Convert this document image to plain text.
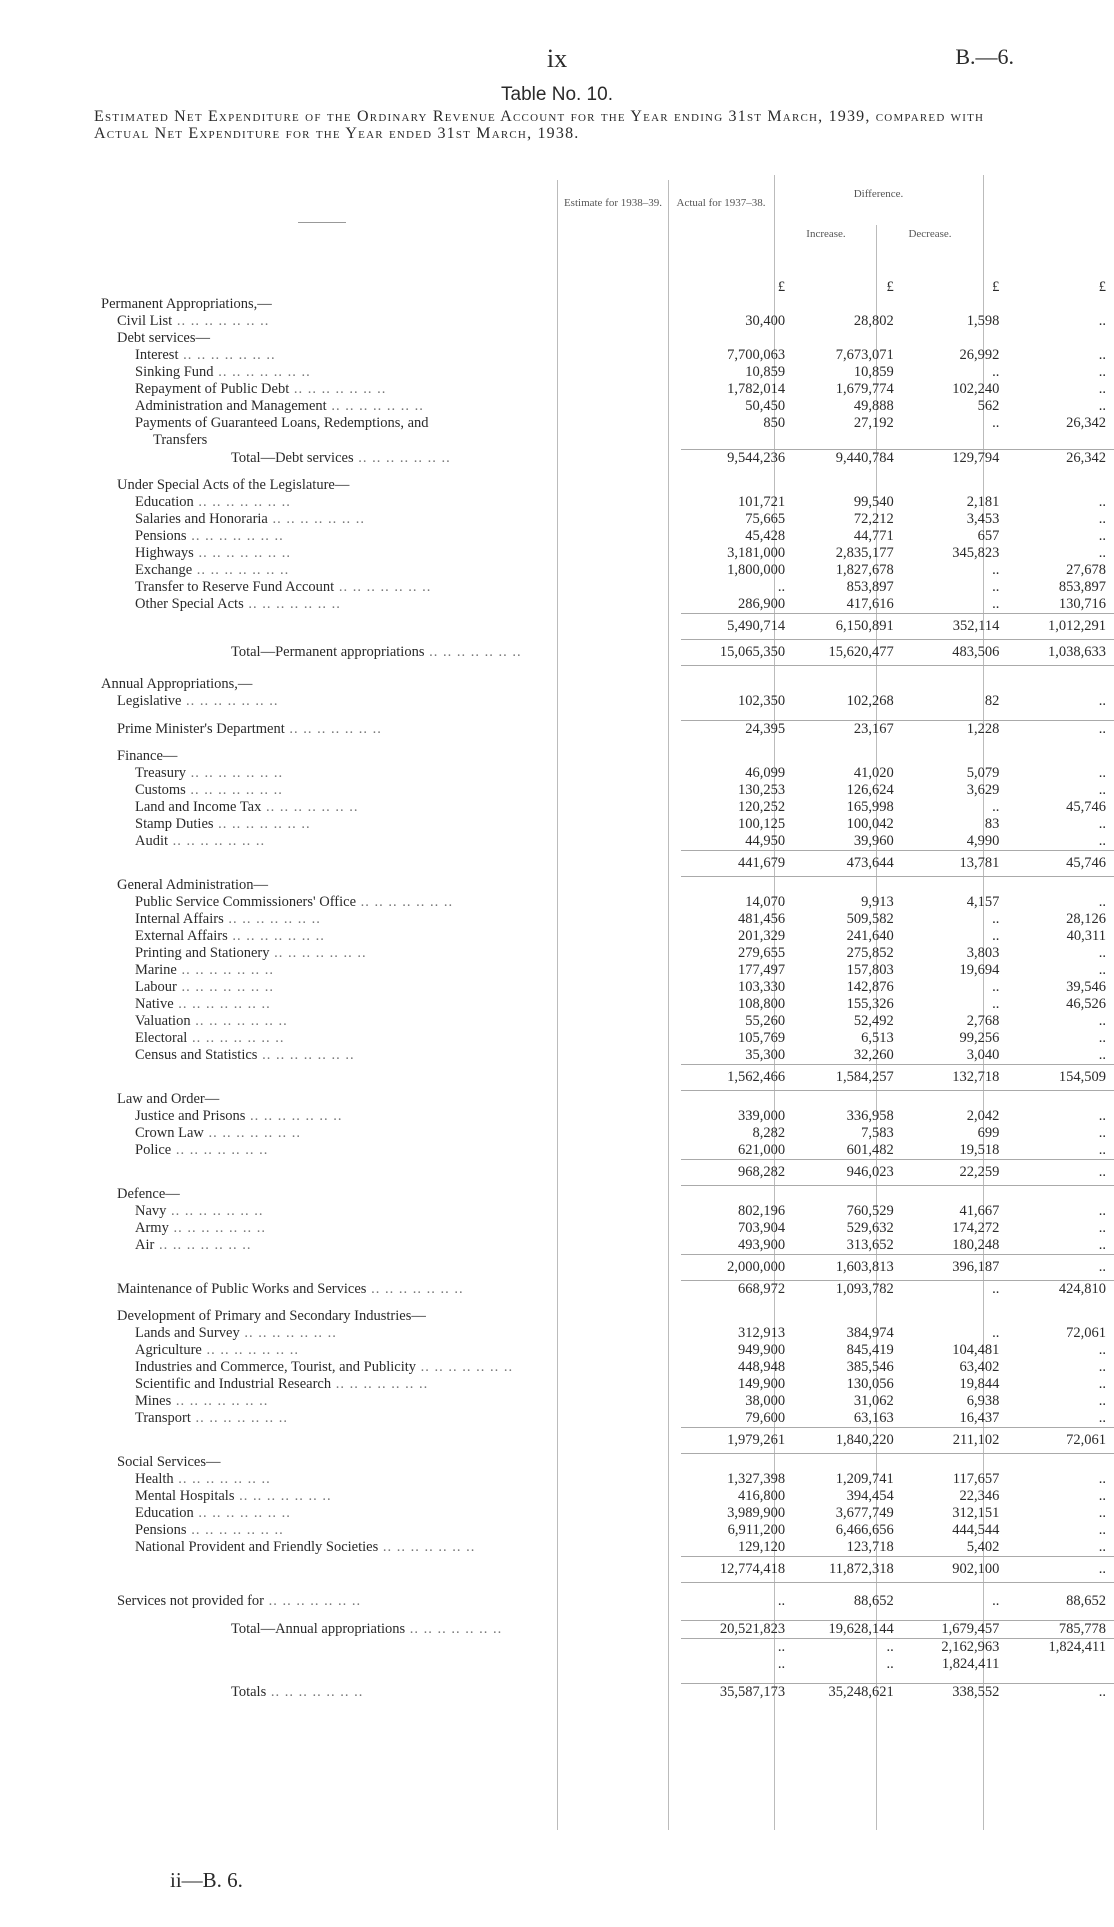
ix	B.—6.
Table No. 10.
Estimated Net Expenditure of the Ordinary Revenue Account for the Year ending 31st March, 1939, compared with Actual Net Expenditure for the Year ended 31st March, 1938.
Estimate for 1938–39.	Actual for 1937–38.
Difference.
Increase.	Decrease.
	£	£	£	£
Permanent Appropriations,—				
Civil List .. .. .. .. .. .. ..	30,400	28,802	1,598	..
Debt services—				
Interest .. .. .. .. .. .. ..	7,700,063	7,673,071	26,992	..
Sinking Fund .. .. .. .. .. .. ..	10,859	10,859	..	..
Repayment of Public Debt .. .. .. .. .. .. ..	1,782,014	1,679,774	102,240	..
Administration and Management .. .. .. .. .. .. ..	50,450	49,888	562	..
Payments of Guaranteed Loans, Redemptions, and	850	27,192	..	26,342
Transfers				
Total—Debt services .. .. .. .. .. .. ..	9,544,236	9,440,784	129,794	26,342

Under Special Acts of the Legislature—				
Education .. .. .. .. .. .. ..	101,721	99,540	2,181	..
Salaries and Honoraria .. .. .. .. .. .. ..	75,665	72,212	3,453	..
Pensions .. .. .. .. .. .. ..	45,428	44,771	657	..
Highways .. .. .. .. .. .. ..	3,181,000	2,835,177	345,823	..
Exchange .. .. .. .. .. .. ..	1,800,000	1,827,678	..	27,678
Transfer to Reserve Fund Account .. .. .. .. .. .. ..	..	853,897	..	853,897
Other Special Acts .. .. .. .. .. .. ..	286,900	417,616	..	130,716
	5,490,714	6,150,891	352,114	1,012,291
Total—Permanent appropriations .. .. .. .. .. .. ..	15,065,350	15,620,477	483,506	1,038,633

Annual Appropriations,—				
Legislative .. .. .. .. .. .. ..	102,350	102,268	82	..

Prime Minister's Department .. .. .. .. .. .. ..	24,395	23,167	1,228	..

Finance—				
Treasury .. .. .. .. .. .. ..	46,099	41,020	5,079	..
Customs .. .. .. .. .. .. ..	130,253	126,624	3,629	..
Land and Income Tax .. .. .. .. .. .. ..	120,252	165,998	..	45,746
Stamp Duties .. .. .. .. .. .. ..	100,125	100,042	83	..
Audit .. .. .. .. .. .. ..	44,950	39,960	4,990	..
	441,679	473,644	13,781	45,746
General Administration—				
Public Service Commissioners' Office .. .. .. .. .. .. ..	14,070	9,913	4,157	..
Internal Affairs .. .. .. .. .. .. ..	481,456	509,582	..	28,126
External Affairs .. .. .. .. .. .. ..	201,329	241,640	..	40,311
Printing and Stationery .. .. .. .. .. .. ..	279,655	275,852	3,803	..
Marine .. .. .. .. .. .. ..	177,497	157,803	19,694	..
Labour .. .. .. .. .. .. ..	103,330	142,876	..	39,546
Native .. .. .. .. .. .. ..	108,800	155,326	..	46,526
Valuation .. .. .. .. .. .. ..	55,260	52,492	2,768	..
Electoral .. .. .. .. .. .. ..	105,769	6,513	99,256	..
Census and Statistics .. .. .. .. .. .. ..	35,300	32,260	3,040	..
	1,562,466	1,584,257	132,718	154,509
Law and Order—				
Justice and Prisons .. .. .. .. .. .. ..	339,000	336,958	2,042	..
Crown Law .. .. .. .. .. .. ..	8,282	7,583	699	..
Police .. .. .. .. .. .. ..	621,000	601,482	19,518	..
	968,282	946,023	22,259	..
Defence—				
Navy .. .. .. .. .. .. ..	802,196	760,529	41,667	..
Army .. .. .. .. .. .. ..	703,904	529,632	174,272	..
Air .. .. .. .. .. .. ..	493,900	313,652	180,248	..
	2,000,000	1,603,813	396,187	..
Maintenance of Public Works and Services .. .. .. .. .. .. ..	668,972	1,093,782	..	424,810

Development of Primary and Secondary Industries—				
Lands and Survey .. .. .. .. .. .. ..	312,913	384,974	..	72,061
Agriculture .. .. .. .. .. .. ..	949,900	845,419	104,481	..
Industries and Commerce, Tourist, and Publicity .. .. .. .. .. .. ..	448,948	385,546	63,402	..
Scientific and Industrial Research .. .. .. .. .. .. ..	149,900	130,056	19,844	..
Mines .. .. .. .. .. .. ..	38,000	31,062	6,938	..
Transport .. .. .. .. .. .. ..	79,600	63,163	16,437	..
	1,979,261	1,840,220	211,102	72,061
Social Services—				
Health .. .. .. .. .. .. ..	1,327,398	1,209,741	117,657	..
Mental Hospitals .. .. .. .. .. .. ..	416,800	394,454	22,346	..
Education .. .. .. .. .. .. ..	3,989,900	3,677,749	312,151	..
Pensions .. .. .. .. .. .. ..	6,911,200	6,466,656	444,544	..
National Provident and Friendly Societies .. .. .. .. .. .. ..	129,120	123,718	5,402	..
	12,774,418	11,872,318	902,100	..

Services not provided for .. .. .. .. .. .. ..	..	88,652	..	88,652

Total—Annual appropriations .. .. .. .. .. .. ..	20,521,823	19,628,144	1,679,457	785,778
	..	..	2,162,963	1,824,411
	..	..	1,824,411	

Totals .. .. .. .. .. .. ..	35,587,173	35,248,621	338,552	..
ii—B. 6.
